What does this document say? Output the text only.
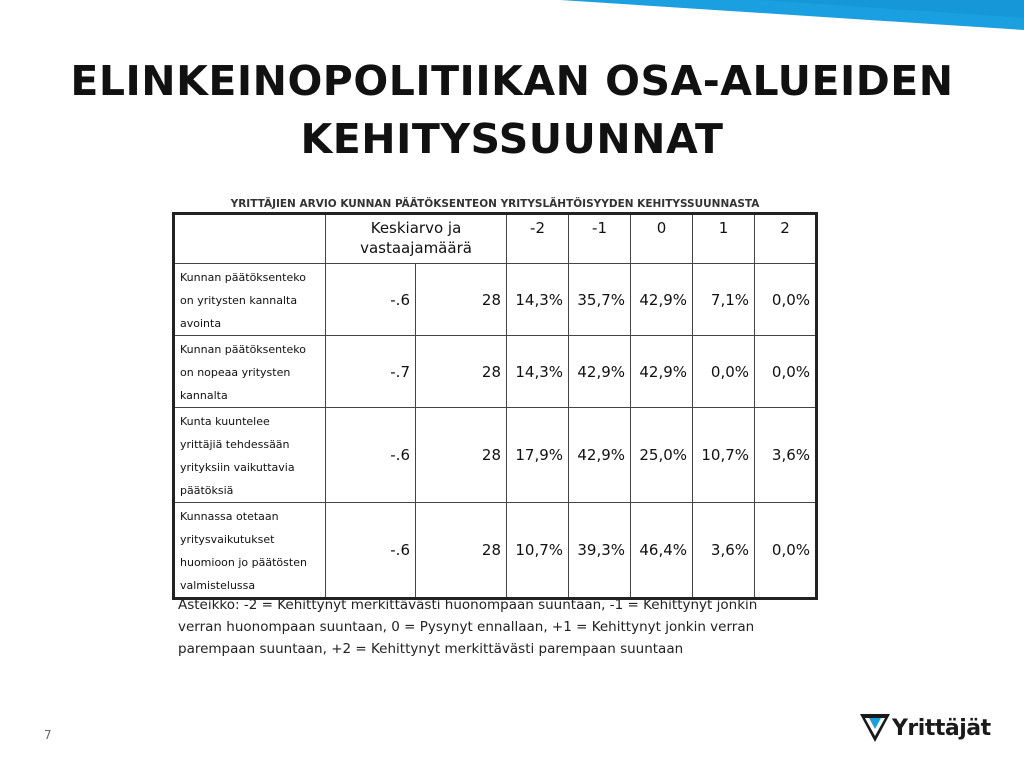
ELINKEINOPOLITIIKAN OSA-ALUEIDEN
KEHITYSSUUNNAT
YRITTÄJIEN ARVIO KUNNAN PÄÄTÖKSENTEON YRITYSLÄHTÖISYYDEN KEHITYSSUUNNASTA
	Keskiarvo ja vastaajamäärä		-2	-1	0	1	2

Kunnan päätöksenteko
on yritysten kannalta
avointa	-.6	28	14,3%	35,7%	42,9%	7,1%	0,0%

Kunnan päätöksenteko
on nopeaa yritysten
kannalta	-.7	28	14,3%	42,9%	42,9%	0,0%	0,0%

Kunta kuuntelee
yrittäjiä tehdessään
yrityksiin vaikuttavia
päätöksiä	-.6	28	17,9%	42,9%	25,0%	10,7%	3,6%

Kunnassa otetaan
yritysvaikutukset
huomioon jo päätösten
valmistelussa	-.6	28	10,7%	39,3%	46,4%	3,6%	0,0%
Asteikko: -2 = Kehittynyt merkittävästi huonompaan suuntaan, -1 = Kehittynyt jonkin
verran huonompaan suuntaan, 0 = Pysynyt ennallaan, +1 = Kehittynyt jonkin verran
parempaan suuntaan, +2 = Kehittynyt merkittävästi parempaan suuntaan
7	Yrittäjät
